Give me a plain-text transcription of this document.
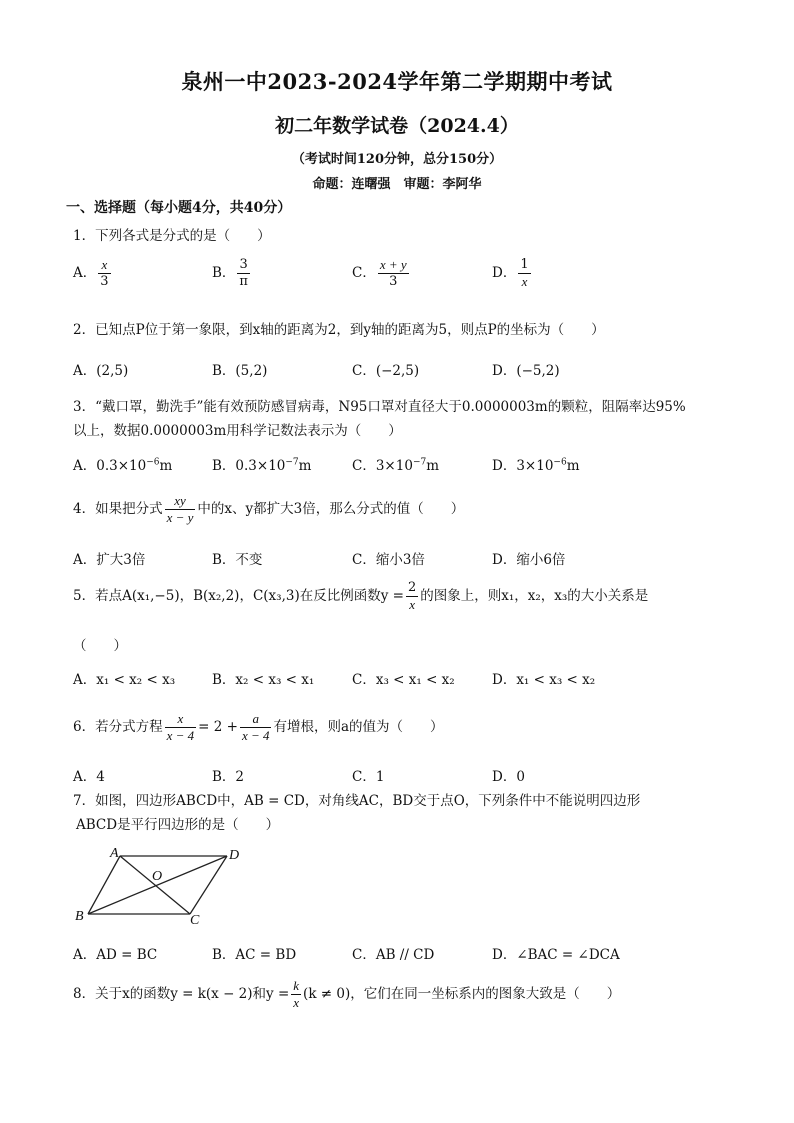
泉州一中2023-2024学年第二学期期中考试
初二年数学试卷（2024.4）
（考试时间120分钟，总分150分）
命题：连曙强　审题：李阿华
一、选择题（每小题4分，共40分）
1．下列各式是分式的是（　　）
A． $\frac{x}{3}$	B． $\frac{3}{\pi}$	C． $\frac{x + y}{3}$	D． $\frac{1}{x}$
2．已知点P位于第一象限，到x轴的距离为2，到y轴的距离为5，则点P的坐标为（　　）
A．(2,5)	B．(5,2)	C．(−2,5)	D．(−5,2)
3．“戴口罩，勤洗手”能有效预防感冒病毒，N95口罩对直径大于0.0000003m的颗粒，阻隔率达95%
以上，数据0.0000003m用科学记数法表示为（　　）
A．$0.3\times 10^{-6}m$	B．$0.3\times 10^{-7}m$	C．$3\times 10^{-7}m$	D．$3\times 10^{-6}m$
4．如果把分式 $\frac{xy}{x - y}$ 中的x、y都扩大3倍，那么分式的值（　　）
A．扩大3倍	B．不变	C．缩小3倍	D．缩小6倍
5．若点A(x₁,−5)，B(x₂,2)，C(x₃,3)在反比例函数$y = \frac{2}{x}$ 的图象上，则x₁，x₂，x₃的大小关系是
（　　）
A．x₁ < x₂ < x₃	B．x₂ < x₃ < x₁	C．x₃ < x₁ < x₂	D．x₁ < x₃ < x₂
6．若分式方程 $\frac{x}{x - 4} = 2 + \frac{a}{x - 4}$ 有增根，则a的值为（　　）
A．4	B．2	C．1	D．0
7．如图，四边形ABCD中，AB = CD，对角线AC，BD交于点O，下列条件中不能说明四边形
ABCD是平行四边形的是（　　）
A	D
B	C
O
A．AD = BC	B．AC = BD	C．AB // CD	D．∠BAC = ∠DCA
8．关于x的函数y = k(x − 2)和$y = \frac{k}{x} (k \ne 0)$，它们在同一坐标系内的图象大致是（　　）
